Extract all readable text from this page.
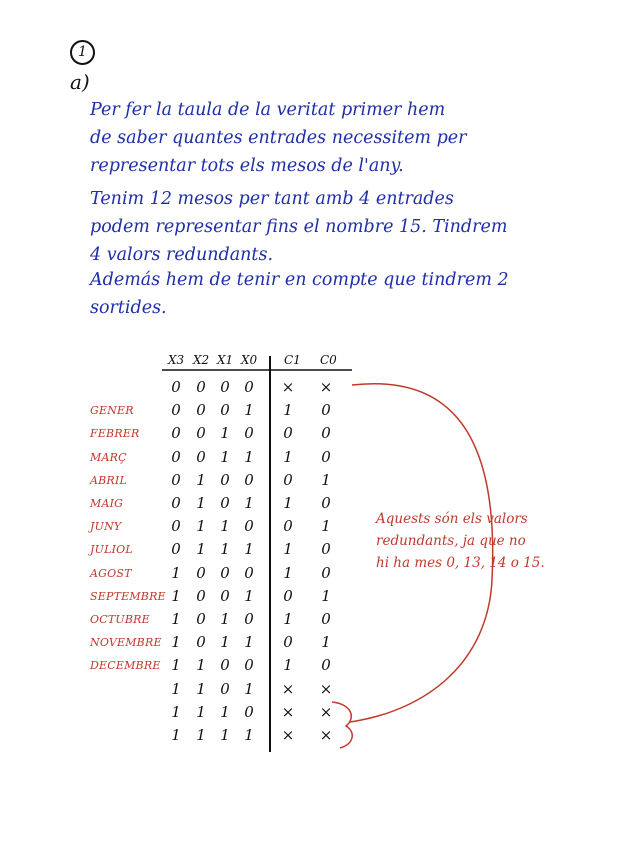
1
a)
Per fer la taula de la veritat primer hem
de saber quantes entrades necessitem per
representar tots els mesos de l'any.
Tenim 12 mesos per tant amb 4 entrades
podem representar fins el nombre 15. Tindrem
4 valors redundants.
Además hem de tenir en compte que tindrem 2
sortides.
X3 X2 X1 X0 C1 C0
0 0 0 0 × ×
GENER	0 0 0 1 1 0
FEBRER	0 0 1 0 0 0
MARÇ	0 0 1 1 1 0
ABRIL	0 1 0 0 0 1
MAIG	0 1 0 1 1 0
JUNY	0 1 1 0 0 1
JULIOL	0 1 1 1 1 0
AGOST	1 0 0 0 1 0
SEPTEMBRE 1 0 0 1 0 1
OCTUBRE	1 0 1 0 1 0
NOVEMBRE 1 0 1 1 0 1
DECEMBRE 1 1 0 0 1 0
1 1 0 1 × ×
1 1 1 0 × ×
1 1 1 1 × ×
Aquests són els valors
redundants, ja que no
hi ha mes 0, 13, 14 o 15.
